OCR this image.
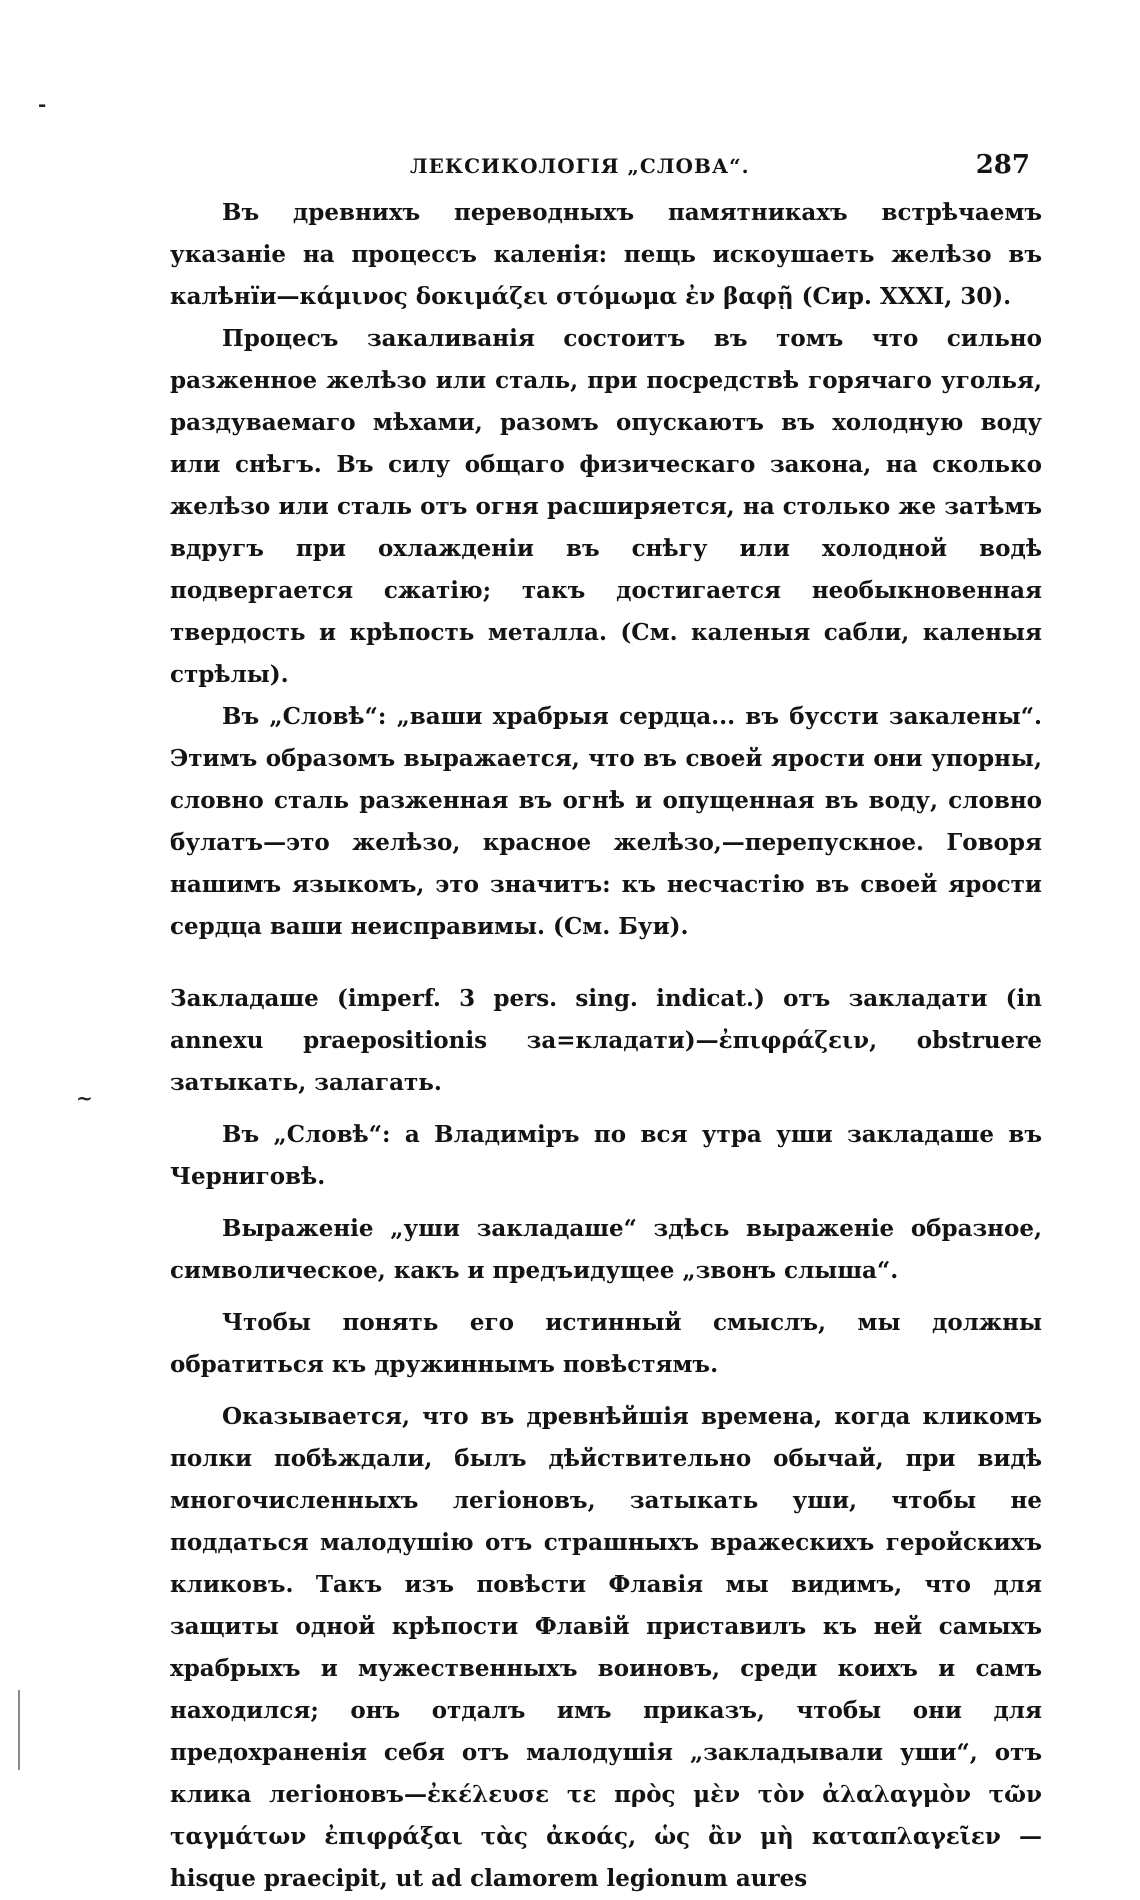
ЛЕКСИКОЛОГІЯ „СЛОВА“.	287

Въ древнихъ переводныхъ памятникахъ встрѣчаемъ указаніе на процессъ каленія: пещь искоушаеть желѣзо въ калѣнїи—κάμινος δοκιμάζει στόμωμα ἐν βαφῇ (Сир. XXXI, 30).

Процесъ закаливанія состоитъ въ томъ что сильно разженное желѣзо или сталь, при посредствѣ горячаго уголья, раздуваемаго мѣхами, разомъ опускаютъ въ холодную воду или снѣгъ. Въ силу общаго физическаго закона, на сколько желѣзо или сталь отъ огня расширяется, на столько же затѣмъ вдругъ при охлажденіи въ снѣгу или холодной водѣ подвергается сжатію; такъ достигается необыкновенная твердость и крѣпость металла. (См. каленыя сабли, каленыя стрѣлы).

Въ „Словѣ“: „ваши храбрыя сердца... въ буссти закалены“. Этимъ образомъ выражается, что въ своей ярости они упорны, словно сталь разженная въ огнѣ и опущенная въ воду, словно булатъ—это желѣзо, красное желѣзо,—перепускное. Говоря нашимъ языкомъ, это значитъ: къ несчастію въ своей ярости сердца ваши неисправимы. (См. Буи).

Закладаше (imperf. 3 pers. sing. indicat.) отъ закладати (in annexu praepositionis за=кладати)—ἐπιφράζειν, obstruere затыкать, залагать.

Въ „Словѣ“: а Владиміръ по вся утра уши закладаше въ Черниговѣ.

Выраженіе „уши закладаше“ здѣсь выраженіе образное, символическое, какъ и предъидущее „звонъ слыша“.

Чтобы понять его истинный смыслъ, мы должны обратиться къ дружиннымъ повѣстямъ.

Оказывается, что въ древнѣйшія времена, когда кликомъ полки побѣждали, былъ дѣйствительно обычай, при видѣ многочисленныхъ легіоновъ, затыкать уши, чтобы не поддаться малодушію отъ страшныхъ вражескихъ геройскихъ кликовъ. Такъ изъ повѣсти Флавія мы видимъ, что для защиты одной крѣпости Флавій приставилъ къ ней самыхъ храбрыхъ и мужественныхъ воиновъ, среди коихъ и самъ находился; онъ отдалъ имъ приказъ, чтобы они для предохраненія себя отъ малодушія „закладывали уши“, отъ клика легіоновъ—ἐκέλευσε τε πρὸς μὲν τὸν ἀλαλαγμὸν τῶν ταγμάτων ἐπιφράξαι τὰς ἀκοάς, ὡς ἂν μὴ καταπλαγεῖεν — hisque praecipit, ut ad clamorem legionum aures

-
~
